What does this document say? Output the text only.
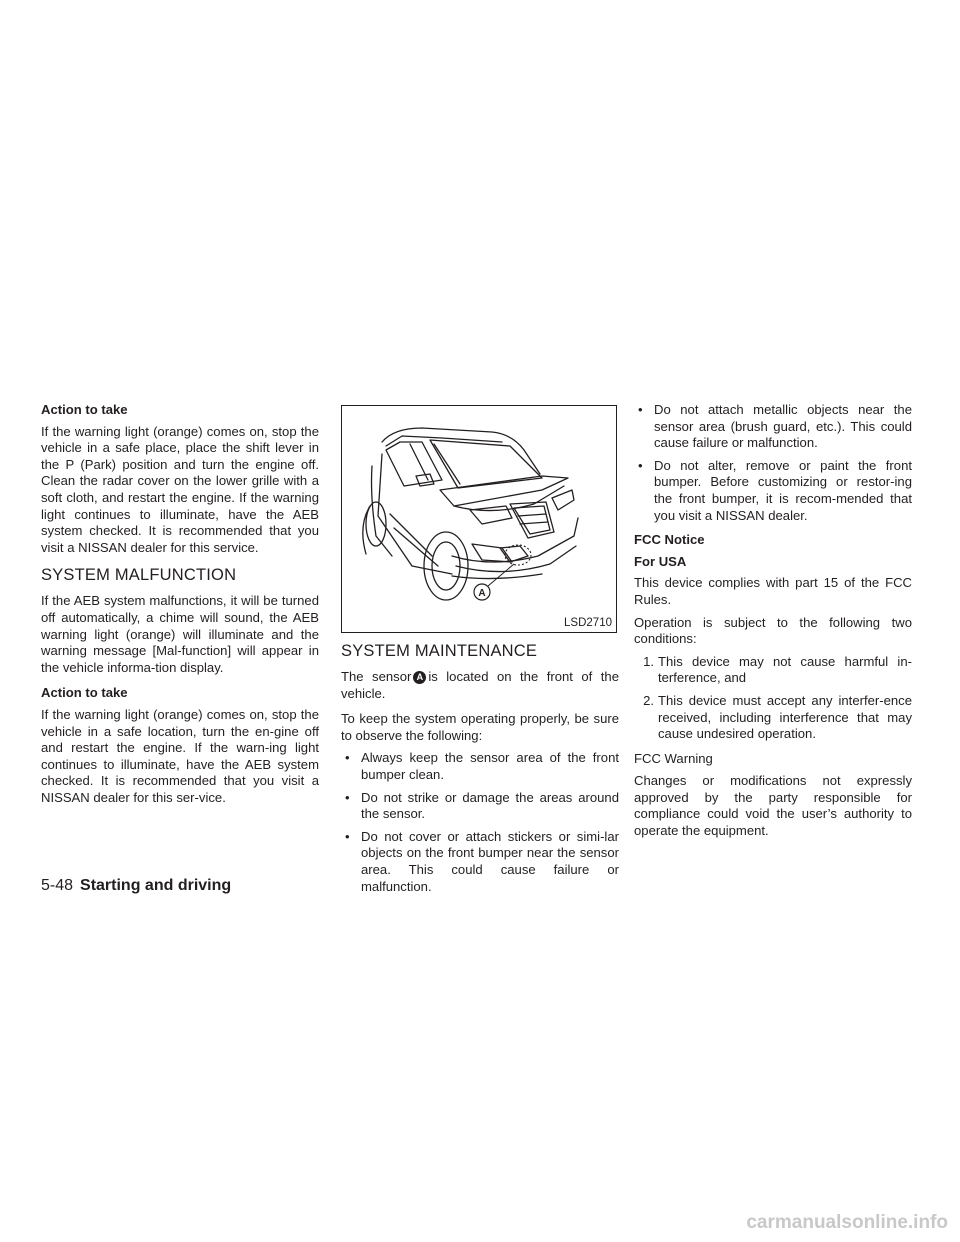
Action to take

If the warning light (orange) comes on, stop the vehicle in a safe place, place the shift lever in the P (Park) position and turn the engine off. Clean the radar cover on the lower grille with a soft cloth, and restart the engine. If the warning light continues to illuminate, have the AEB system checked. It is recommended that you visit a NISSAN dealer for this service.

SYSTEM MALFUNCTION

If the AEB system malfunctions, it will be turned off automatically, a chime will sound, the AEB warning light (orange) will illuminate and the warning message [Mal-function] will appear in the vehicle informa-tion display.

Action to take

If the warning light (orange) comes on, stop the vehicle in a safe location, turn the en-gine off and restart the engine. If the warn-ing light continues to illuminate, have the AEB system checked. It is recommended that you visit a NISSAN dealer for this ser-vice.

A
LSD2710
SYSTEM MAINTENANCE

The sensor A is located on the front of the vehicle.

To keep the system operating properly, be sure to observe the following:

• Always keep the sensor area of the front bumper clean.
• Do not strike or damage the areas around the sensor.
• Do not cover or attach stickers or simi-lar objects on the front bumper near the sensor area. This could cause failure or malfunction.
• Do not attach metallic objects near the sensor area (brush guard, etc.). This could cause failure or malfunction.
• Do not alter, remove or paint the front bumper. Before customizing or restor-ing the front bumper, it is recom-mended that you visit a NISSAN dealer.
FCC Notice
For USA

This device complies with part 15 of the FCC Rules.

Operation is subject to the following two conditions:

1. This device may not cause harmful in-terference, and
2. This device must accept any interfer-ence received, including interference that may cause undesired operation.

FCC Warning

Changes or modifications not expressly approved by the party responsible for compliance could void the user’s authority to operate the equipment.

5-48 Starting and driving
carmanualsonline.info
